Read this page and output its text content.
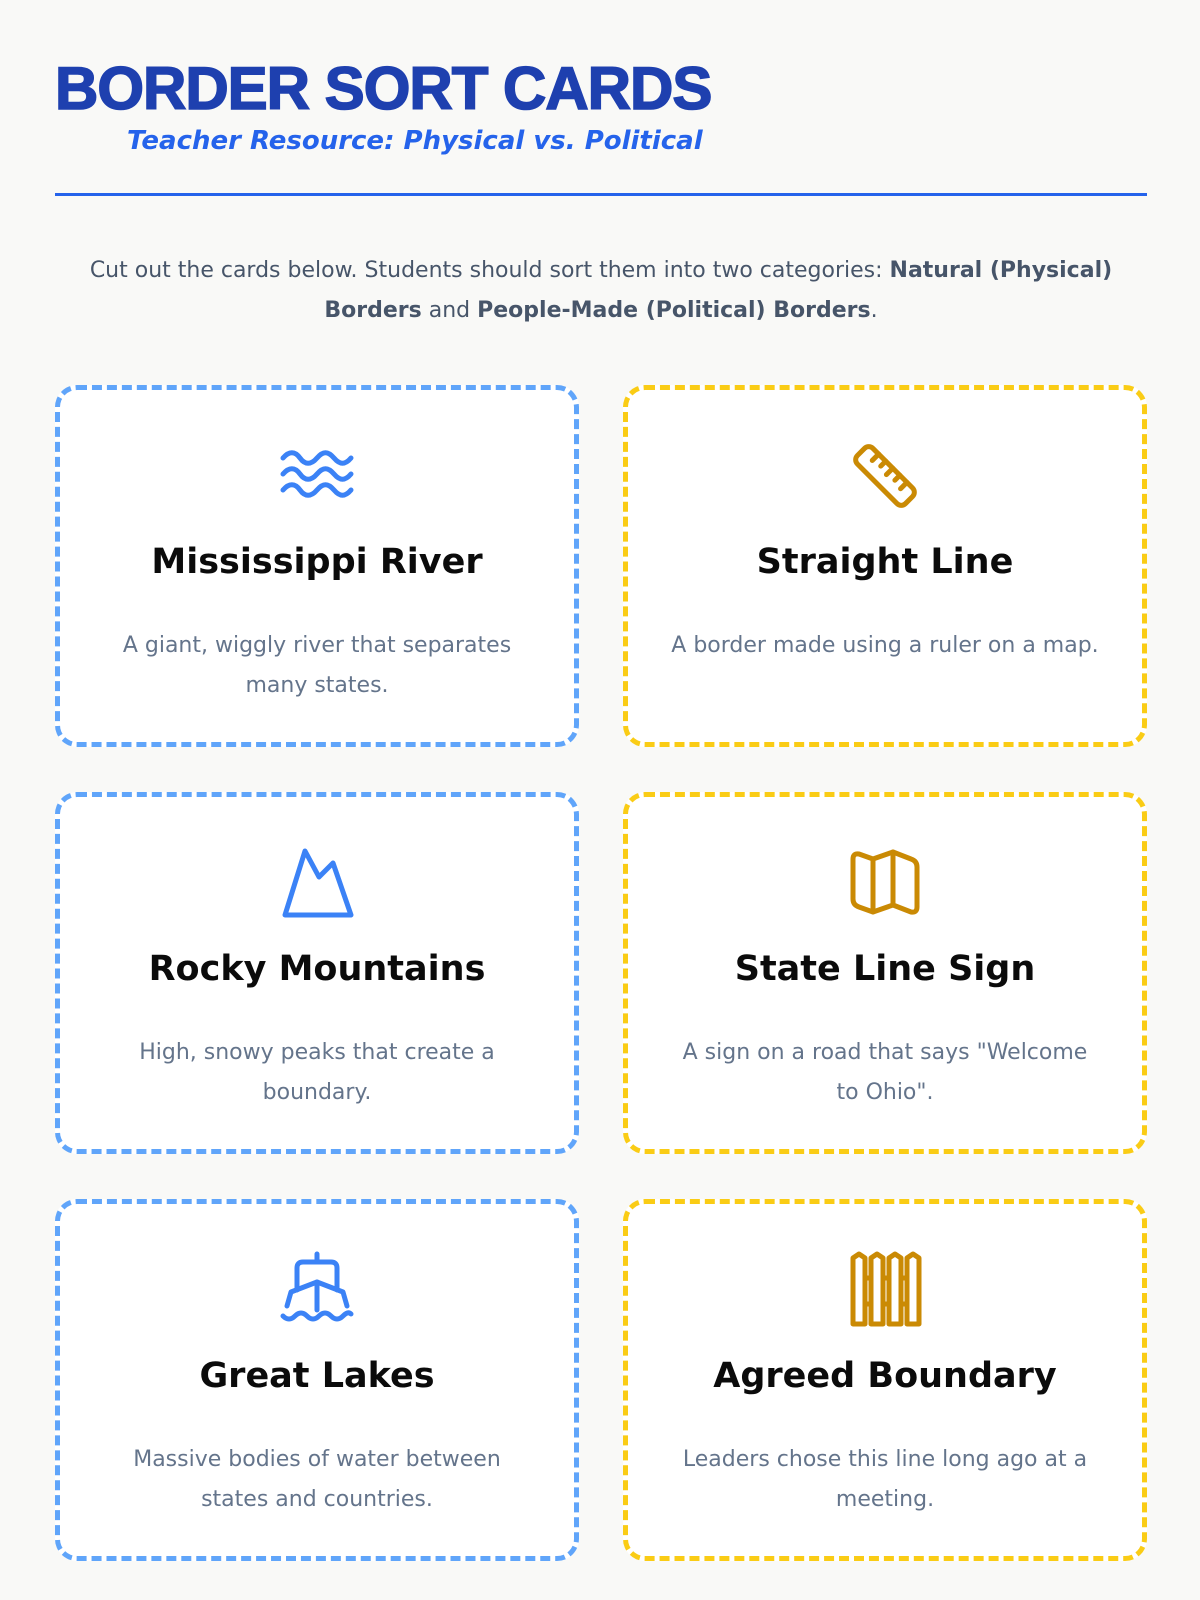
BORDER SORT CARDS
Teacher Resource: Physical vs. Political

Cut out the cards below. Students should sort them into two categories: Natural (Physical) Borders and People-Made (Political) Borders.

Mississippi River
A giant, wiggly river that separates many states.
Straight Line
A border made using a ruler on a map.
Rocky Mountains
High, snowy peaks that create a boundary.
State Line Sign
A sign on a road that says "Welcome to Ohio".
Great Lakes
Massive bodies of water between states and countries.
Agreed Boundary
Leaders chose this line long ago at a meeting.
